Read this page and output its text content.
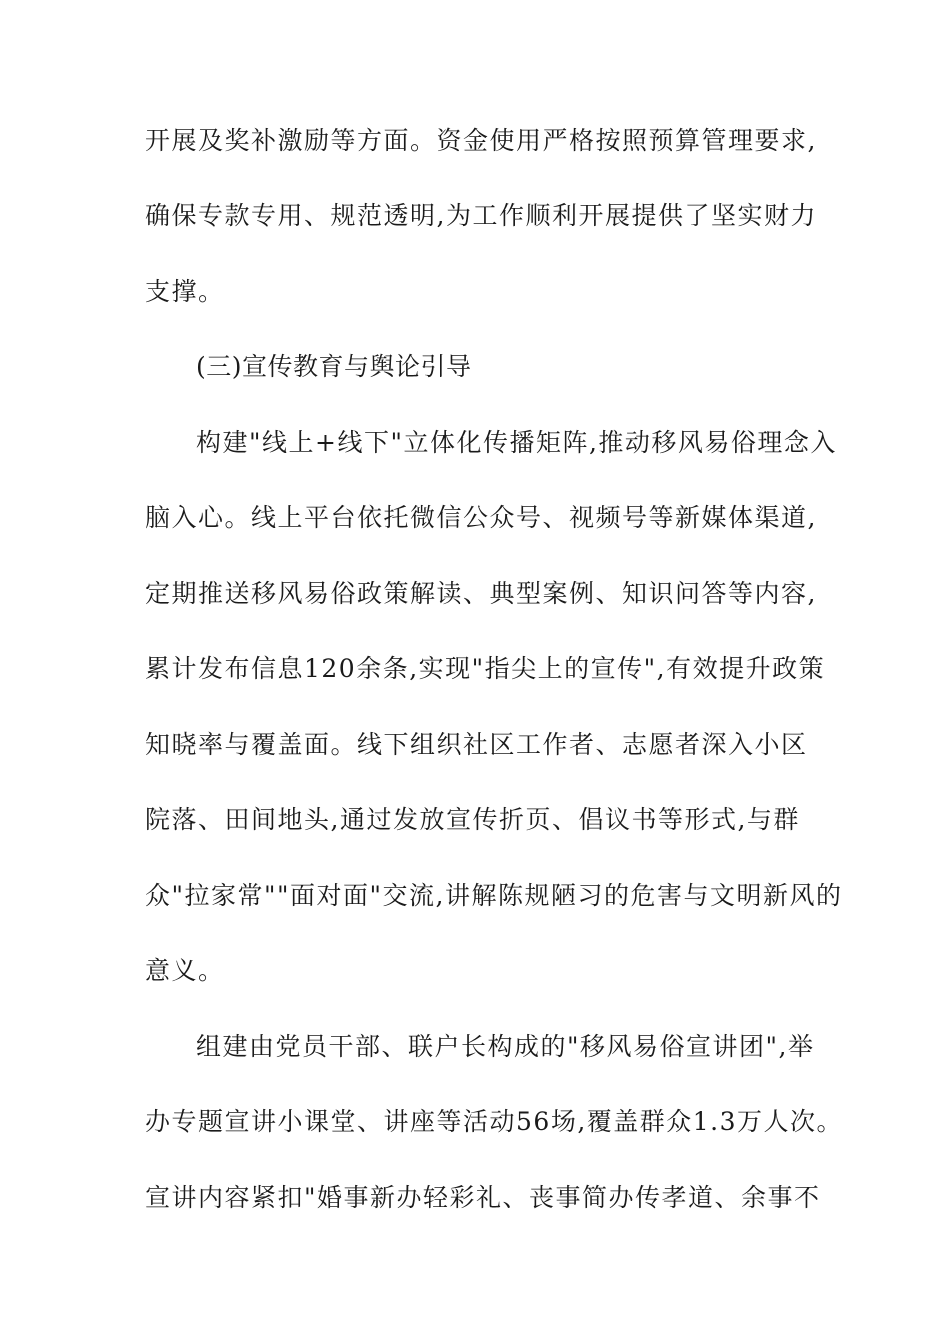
开展及奖补激励等方面。资金使用严格按照预算管理要求,
确保专款专用、规范透明,为工作顺利开展提供了坚实财力
支撑。
(三)宣传教育与舆论引导
构建"线上+线下"立体化传播矩阵,推动移风易俗理念入
脑入心。线上平台依托微信公众号、视频号等新媒体渠道,
定期推送移风易俗政策解读、典型案例、知识问答等内容,
累计发布信息120余条,实现"指尖上的宣传",有效提升政策
知晓率与覆盖面。线下组织社区工作者、志愿者深入小区
院落、田间地头,通过发放宣传折页、倡议书等形式,与群
众"拉家常""面对面"交流,讲解陈规陋习的危害与文明新风的
意义。
组建由党员干部、联户长构成的"移风易俗宣讲团",举
办专题宣讲小课堂、讲座等活动56场,覆盖群众1.3万人次。
宣讲内容紧扣"婚事新办轻彩礼、丧事简办传孝道、余事不
